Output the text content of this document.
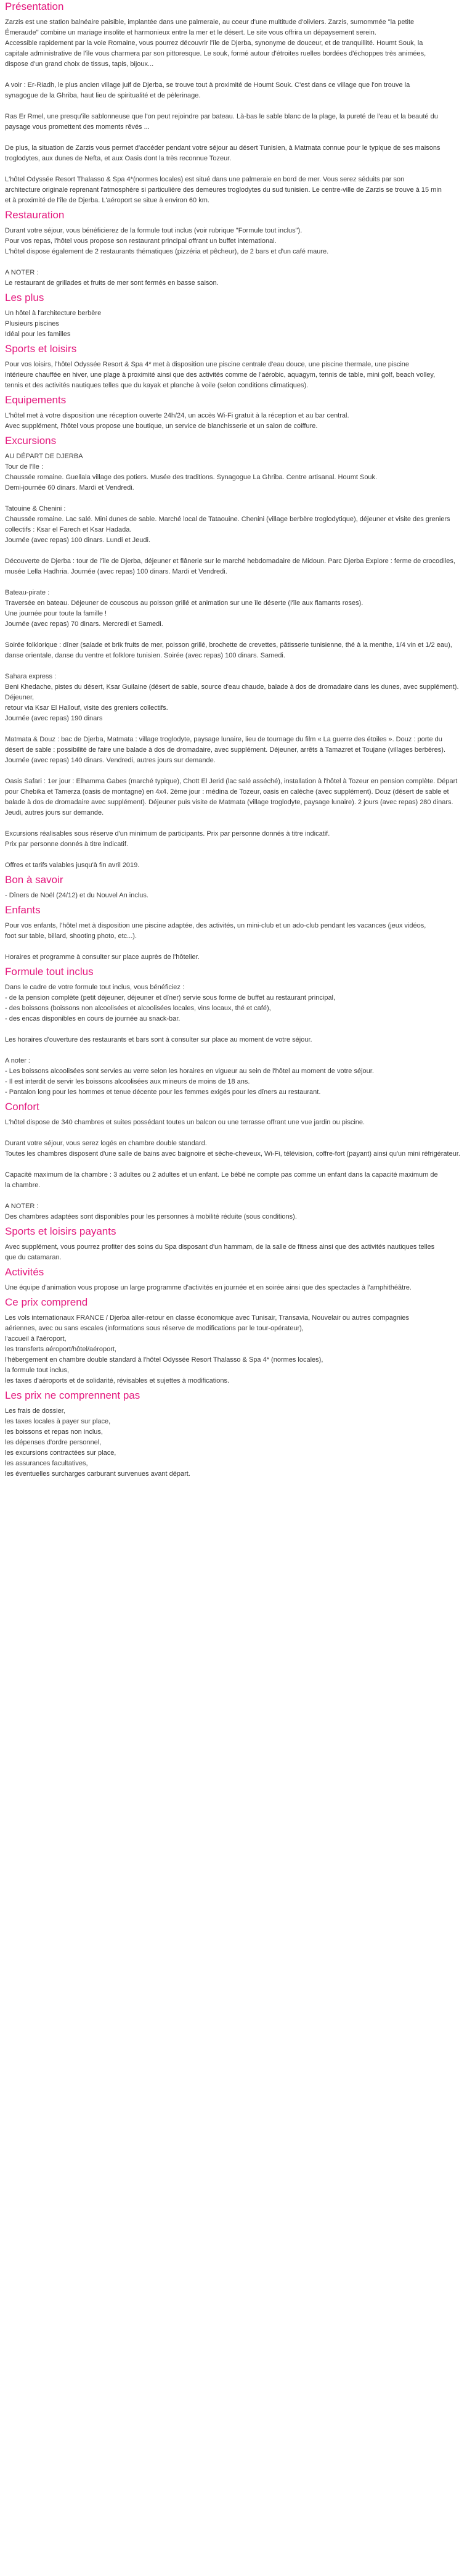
Présentation

Zarzis est une station balnéaire paisible, implantée dans une palmeraie, au coeur d'une multitude d'oliviers. Zarzis, surnommée "la petite
Émeraude" combine un mariage insolite et harmonieux entre la mer et le désert. Le site vous offrira un dépaysement serein.
Accessible rapidement par la voie Romaine, vous pourrez découvrir l'île de Djerba, synonyme de douceur, et de tranquillité. Houmt Souk, la
capitale administrative de l'île vous charmera par son pittoresque. Le souk, formé autour d'étroites ruelles bordées d'échoppes très animées,
dispose d'un grand choix de tissus, tapis, bijoux...

A voir : Er-Riadh, le plus ancien village juif de Djerba, se trouve tout à proximité de Houmt Souk. C'est dans ce village que l'on trouve la
synagogue de la Ghriba, haut lieu de spiritualité et de pèlerinage.

Ras Er Rmel, une presqu'île sablonneuse que l'on peut rejoindre par bateau. Là-bas le sable blanc de la plage, la pureté de l'eau et la beauté du
paysage vous promettent des moments rêvés ...

De plus, la situation de Zarzis vous permet d'accéder pendant votre séjour au désert Tunisien, à Matmata connue pour le typique de ses maisons
troglodytes, aux dunes de Nefta, et aux Oasis dont la très reconnue Tozeur.

L'hôtel Odyssée Resort Thalasso & Spa 4*(normes locales) est situé dans une palmeraie en bord de mer. Vous serez séduits par son
architecture originale reprenant l'atmosphère si particulière des demeures troglodytes du sud tunisien. Le centre-ville de Zarzis se trouve à 15 min
et à proximité de l'île de Djerba. L'aéroport se situe à environ 60 km.

Restauration

Durant votre séjour, vous bénéficierez de la formule tout inclus (voir rubrique "Formule tout inclus").
Pour vos repas, l'hôtel vous propose son restaurant principal offrant un buffet international.
L'hôtel dispose également de 2 restaurants thématiques (pizzéria et pêcheur), de 2 bars et d'un café maure.

A NOTER :
Le restaurant de grillades et fruits de mer sont fermés en basse saison.

Les plus

Un hôtel à l'architecture berbère
Plusieurs piscines
Idéal pour les familles

Sports et loisirs

Pour vos loisirs, l'hôtel Odyssée Resort & Spa 4* met à disposition une piscine centrale d'eau douce, une piscine thermale, une piscine
intérieure chauffée en hiver, une plage à proximité ainsi que des activités comme de l'aérobic, aquagym, tennis de table, mini golf, beach volley,
tennis et des activités nautiques telles que du kayak et planche à voile (selon conditions climatiques).

Equipements

L'hôtel met à votre disposition une réception ouverte 24h/24, un accès Wi-Fi gratuit à la réception et au bar central.
Avec supplément, l'hôtel vous propose une boutique, un service de blanchisserie et un salon de coiffure.

Excursions

AU DÉPART DE DJERBA
Tour de l'île :
Chaussée romaine. Guellala village des potiers. Musée des traditions. Synagogue La Ghriba. Centre artisanal. Houmt Souk.
Demi-journée 60 dinars. Mardi et Vendredi.

Tatouine & Chenini :
Chaussée romaine. Lac salé. Mini dunes de sable. Marché local de Tataouine. Chenini (village berbère troglodytique), déjeuner et visite des greniers collectifs : Ksar el Farech et Ksar Hadada.
Journée (avec repas) 100 dinars. Lundi et Jeudi.

Découverte de Djerba : tour de l'île de Djerba, déjeuner et flânerie sur le marché hebdomadaire de Midoun. Parc Djerba Explore : ferme de crocodiles, musée Lella Hadhria. Journée (avec repas) 100 dinars. Mardi et Vendredi.

Bateau-pirate :
Traversée en bateau. Déjeuner de couscous au poisson grillé et animation sur une île déserte (l'île aux flamants roses).
Une journée pour toute la famille !
Journée (avec repas) 70 dinars. Mercredi et Samedi.

Soirée folklorique : dîner (salade et brik fruits de mer, poisson grillé, brochette de crevettes, pâtisserie tunisienne, thé à la menthe, 1/4 vin et 1/2 eau), danse orientale, danse du ventre et folklore tunisien. Soirée (avec repas) 100 dinars. Samedi.

Sahara express :
Beni Khedache, pistes du désert, Ksar Guilaine (désert de sable, source d'eau chaude, balade à dos de dromadaire dans les dunes, avec supplément). Déjeuner,
retour via Ksar El Hallouf, visite des greniers collectifs.
Journée (avec repas) 190 dinars

Matmata & Douz : bac de Djerba, Matmata : village troglodyte, paysage lunaire, lieu de tournage du film « La guerre des étoiles ». Douz : porte du désert de sable : possibilité de faire une balade à dos de dromadaire, avec supplément. Déjeuner, arrêts à Tamazret et Toujane (villages berbères). Journée (avec repas) 140 dinars. Vendredi, autres jours sur demande.

Oasis Safari : 1er jour : Elhamma Gabes (marché typique), Chott El Jerid (lac salé asséché), installation à l'hôtel à Tozeur en pension complète. Départ pour Chebika et Tamerza (oasis de montagne) en 4x4. 2ème jour : médina de Tozeur, oasis en calèche (avec supplément). Douz (désert de sable et balade à dos de dromadaire avec supplément). Déjeuner puis visite de Matmata (village troglodyte, paysage lunaire). 2 jours (avec repas) 280 dinars. Jeudi, autres jours sur demande.

Excursions réalisables sous réserve d'un minimum de participants. Prix par personne donnés à titre indicatif.
Prix par personne donnés à titre indicatif.

Offres et tarifs valables jusqu'à fin avril 2019.

Bon à savoir

- Dîners de Noël (24/12) et du Nouvel An inclus.

Enfants

Pour vos enfants, l'hôtel met à disposition une piscine adaptée, des activités, un mini-club et un ado-club pendant les vacances (jeux vidéos,
foot sur table, billard, shooting photo, etc...).

Horaires et programme à consulter sur place auprès de l'hôtelier.

Formule tout inclus

Dans le cadre de votre formule tout inclus, vous bénéficiez :
- de la pension complète (petit déjeuner, déjeuner et dîner) servie sous forme de buffet au restaurant principal,
- des boissons (boissons non alcoolisées et alcoolisées locales, vins locaux, thé et café),
- des encas disponibles en cours de journée au snack-bar.

Les horaires d'ouverture des restaurants et bars sont à consulter sur place au moment de votre séjour.

A noter :
- Les boissons alcoolisées sont servies au verre selon les horaires en vigueur au sein de l'hôtel au moment de votre séjour.
- Il est interdit de servir les boissons alcoolisées aux mineurs de moins de 18 ans.
- Pantalon long pour les hommes et tenue décente pour les femmes exigés pour les dîners au restaurant.

Confort

L'hôtel dispose de 340 chambres et suites possédant toutes un balcon ou une terrasse offrant une vue jardin ou piscine.

Durant votre séjour, vous serez logés en chambre double standard.
Toutes les chambres disposent d'une salle de bains avec baignoire et sèche-cheveux, Wi-Fi, télévision, coffre-fort (payant) ainsi qu'un mini réfrigérateur.

Capacité maximum de la chambre : 3 adultes ou 2 adultes et un enfant. Le bébé ne compte pas comme un enfant dans la capacité maximum de
la chambre.

A NOTER :
Des chambres adaptées sont disponibles pour les personnes à mobilité réduite (sous conditions).

Sports et loisirs payants

Avec supplément, vous pourrez profiter des soins du Spa disposant d'un hammam, de la salle de fitness ainsi que des activités nautiques telles
que du catamaran.

Activités

Une équipe d'animation vous propose un large programme d'activités en journée et en soirée ainsi que des spectacles à l'amphithéâtre.

Ce prix comprend

Les vols internationaux FRANCE / Djerba aller-retour en classe économique avec Tunisair, Transavia, Nouvelair ou autres compagnies
aériennes, avec ou sans escales (informations sous réserve de modifications par le tour-opérateur),
l'accueil à l'aéroport,
les transferts aéroport/hôtel/aéroport,
l'hébergement en chambre double standard à l'hôtel Odyssée Resort Thalasso & Spa 4* (normes locales),
la formule tout inclus,
les taxes d'aéroports et de solidarité, révisables et sujettes à modifications.

Les prix ne comprennent pas

Les frais de dossier,
les taxes locales à payer sur place,
les boissons et repas non inclus,
les dépenses d'ordre personnel,
les excursions contractées sur place,
les assurances facultatives,
les éventuelles surcharges carburant survenues avant départ.
